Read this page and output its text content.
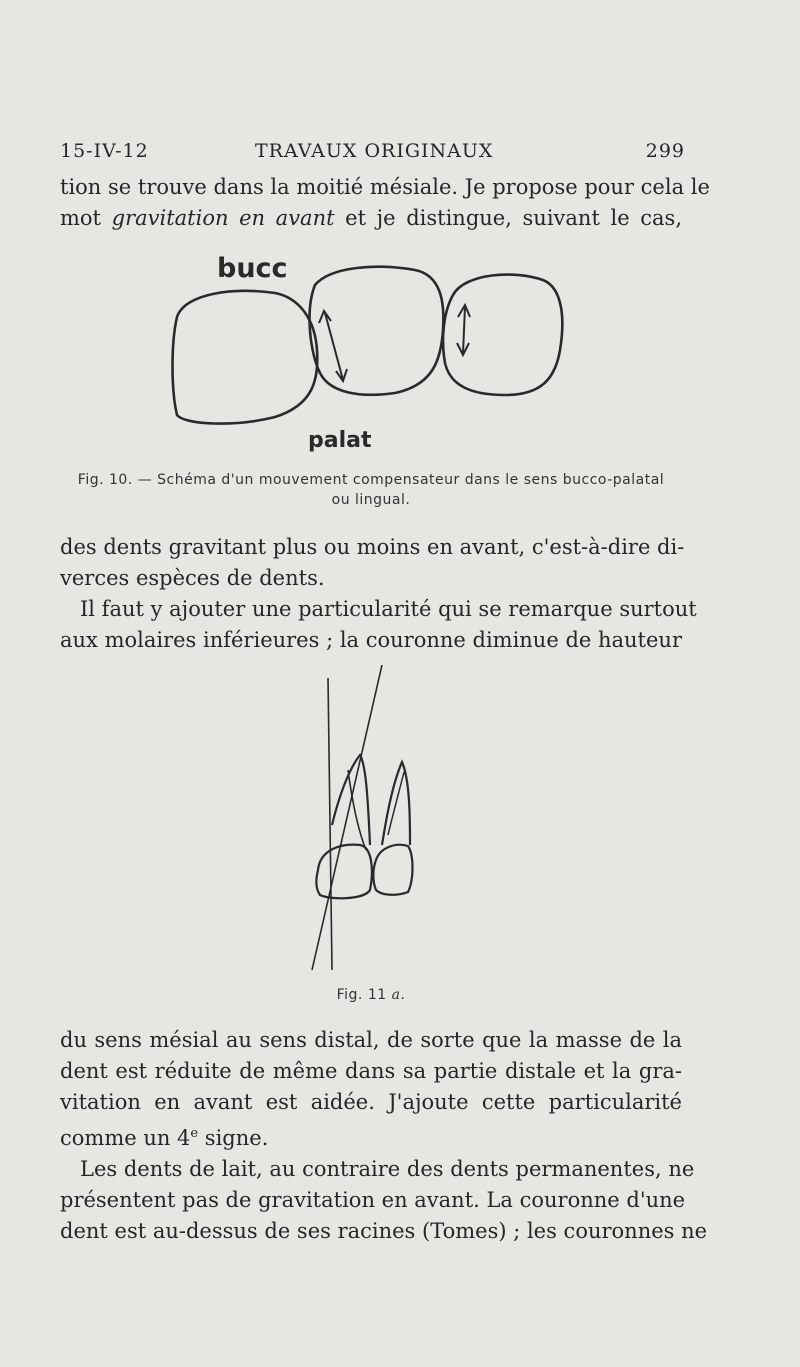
15-IV-12	TRAVAUX ORIGINAUX	299
tion se trouve dans la moitié mésiale. Je propose pour cela le
mot gravitation en avant et je distingue, suivant le cas,
bucc
palat
Fig. 10. — Schéma d'un mouvement compensateur dans le sens bucco-palatal
ou lingual.
des dents gravitant plus ou moins en avant, c'est-à-dire di-
verces espèces de dents.
Il faut y ajouter une particularité qui se remarque surtout
aux molaires inférieures ; la couronne diminue de hauteur
Fig. 11 a.
du sens mésial au sens distal, de sorte que la masse de la
dent est réduite de même dans sa partie distale et la gra-
vitation en avant est aidée. J'ajoute cette particularité
comme un 4e signe.
Les dents de lait, au contraire des dents permanentes, ne
présentent pas de gravitation en avant. La couronne d'une
dent est au-dessus de ses racines (Tomes) ; les couronnes ne
